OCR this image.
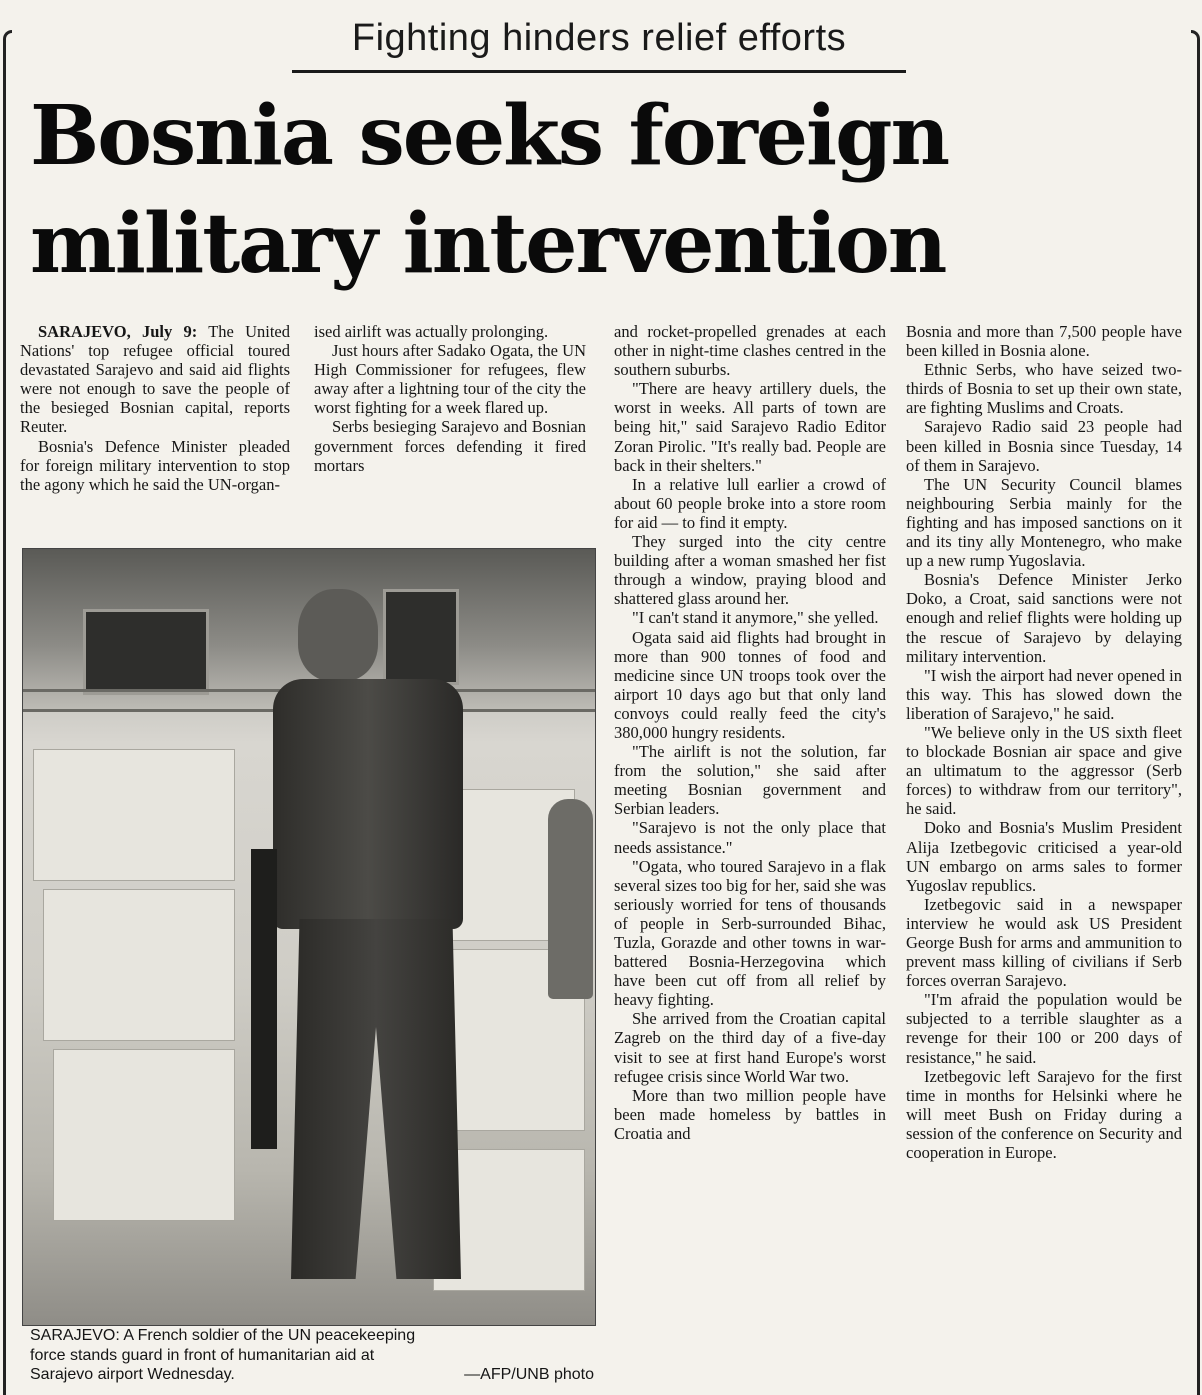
Fighting hinders relief efforts
Bosnia seeks foreign
military intervention

SARAJEVO, July 9: The United Nations' top refugee official toured devastated Sarajevo and said aid flights were not enough to save the people of the besieged Bosnian capital, reports Reuter.

Bosnia's Defence Minister pleaded for foreign military intervention to stop the agony which he said the UN-organ-

ised airlift was actually prolonging.

Just hours after Sadako Ogata, the UN High Commissioner for refugees, flew away after a lightning tour of the city the worst fighting for a week flared up.

Serbs besieging Sarajevo and Bosnian government forces defending it fired mortars

SARAJEVO: A French soldier of the UN peacekeeping
force stands guard in front of humanitarian aid at
Sarajevo airport Wednesday.	—AFP/UNB photo

and rocket-propelled grenades at each other in night-time clashes centred in the southern suburbs.

"There are heavy artillery duels, the worst in weeks. All parts of town are being hit," said Sarajevo Radio Editor Zoran Pirolic. "It's really bad. People are back in their shelters."

In a relative lull earlier a crowd of about 60 people broke into a store room for aid — to find it empty.

They surged into the city centre building after a woman smashed her fist through a window, praying blood and shattered glass around her.

"I can't stand it anymore," she yelled.

Ogata said aid flights had brought in more than 900 tonnes of food and medicine since UN troops took over the airport 10 days ago but that only land convoys could really feed the city's 380,000 hungry residents.

"The airlift is not the solution, far from the solution," she said after meeting Bosnian government and Serbian leaders.

"Sarajevo is not the only place that needs assistance."

"Ogata, who toured Sarajevo in a flak several sizes too big for her, said she was seriously worried for tens of thousands of people in Serb-surrounded Bihac, Tuzla, Gorazde and other towns in war-battered Bosnia-Herzegovina which have been cut off from all relief by heavy fighting.

She arrived from the Croatian capital Zagreb on the third day of a five-day visit to see at first hand Europe's worst refugee crisis since World War two.

More than two million people have been made homeless by battles in Croatia and

Bosnia and more than 7,500 people have been killed in Bosnia alone.

Ethnic Serbs, who have seized two-thirds of Bosnia to set up their own state, are fighting Muslims and Croats.

Sarajevo Radio said 23 people had been killed in Bosnia since Tuesday, 14 of them in Sarajevo.

The UN Security Council blames neighbouring Serbia mainly for the fighting and has imposed sanctions on it and its tiny ally Montenegro, who make up a new rump Yugoslavia.

Bosnia's Defence Minister Jerko Doko, a Croat, said sanctions were not enough and relief flights were holding up the rescue of Sarajevo by delaying military intervention.

"I wish the airport had never opened in this way. This has slowed down the liberation of Sarajevo," he said.

"We believe only in the US sixth fleet to blockade Bosnian air space and give an ultimatum to the aggressor (Serb forces) to withdraw from our territory", he said.

Doko and Bosnia's Muslim President Alija Izetbegovic criticised a year-old UN embargo on arms sales to former Yugoslav republics.

Izetbegovic said in a newspaper interview he would ask US President George Bush for arms and ammunition to prevent mass killing of civilians if Serb forces overran Sarajevo.

"I'm afraid the population would be subjected to a terrible slaughter as a revenge for their 100 or 200 days of resistance," he said.

Izetbegovic left Sarajevo for the first time in months for Helsinki where he will meet Bush on Friday during a session of the conference on Security and cooperation in Europe.
